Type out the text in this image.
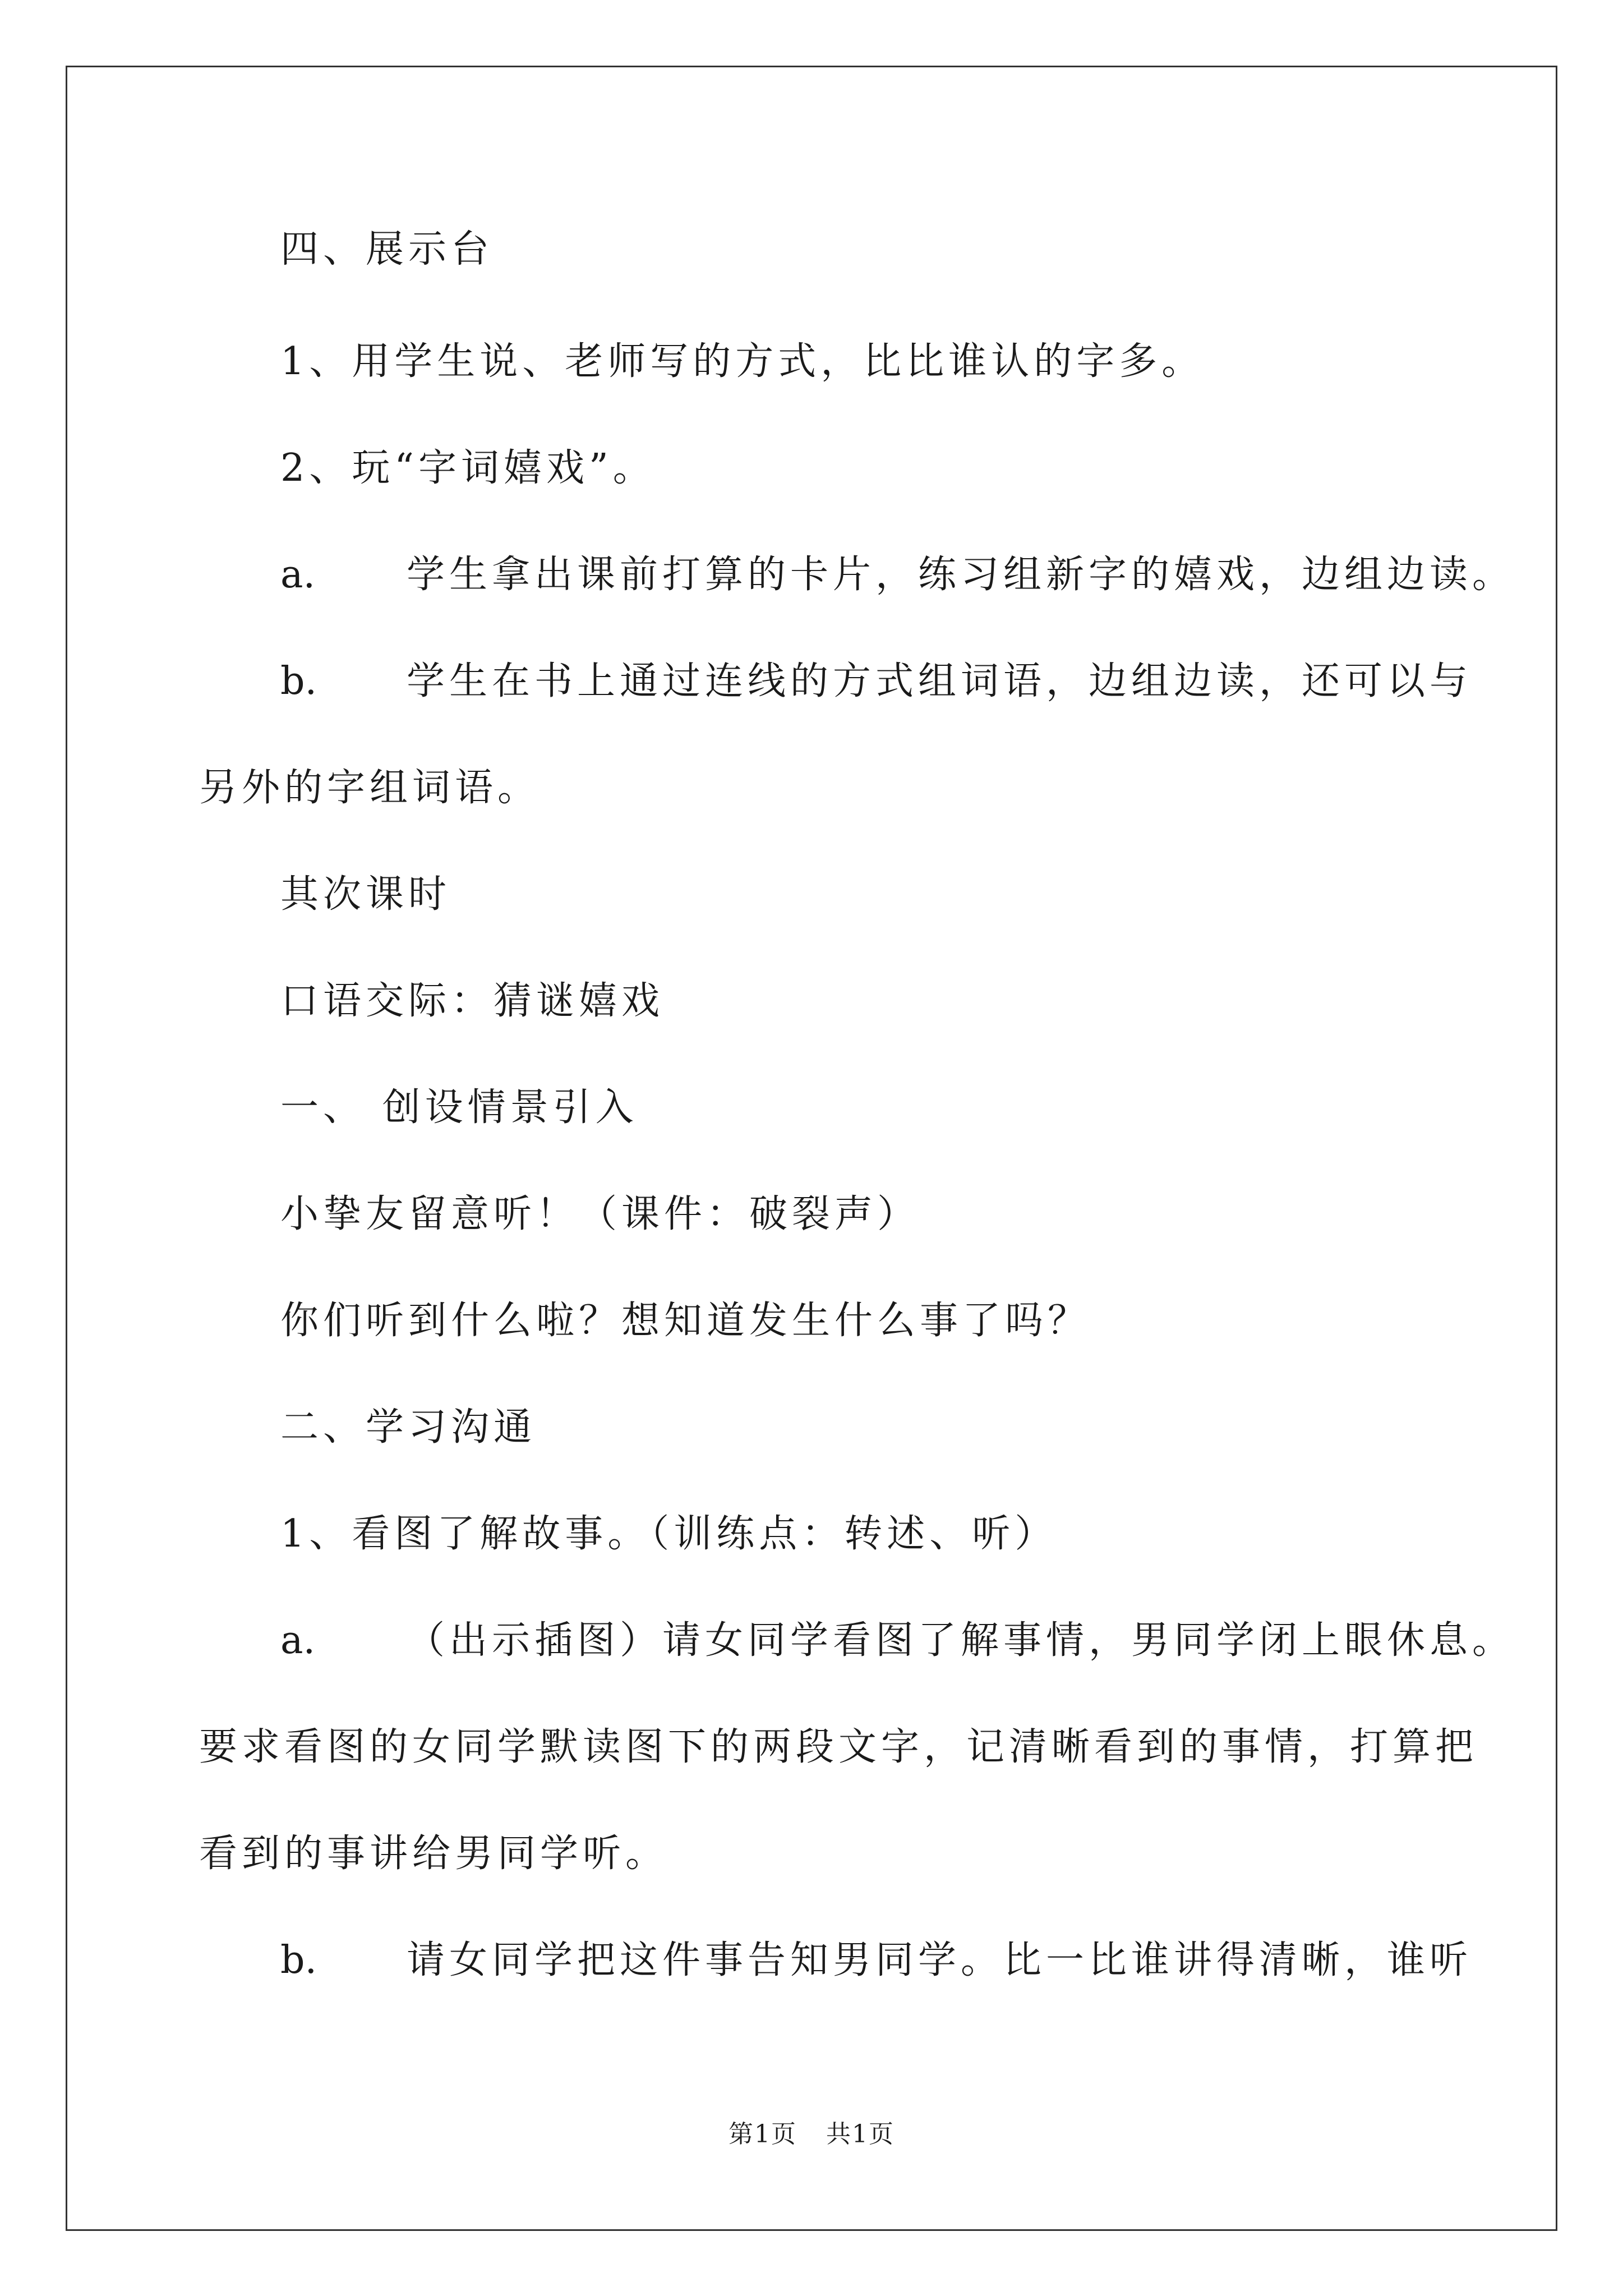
四、展示台
1、用学生说、老师写的方式，比比谁认的字多。
2、玩“字词嬉戏”。
a. 学生拿出课前打算的卡片，练习组新字的嬉戏，边组边读。
b. 学生在书上通过连线的方式组词语，边组边读，还可以与
另外的字组词语。
其次课时
口语交际：猜谜嬉戏
一、 创设情景引入
小挚友留意听！（课件：破裂声）
你们听到什么啦？想知道发生什么事了吗？
二、学习沟通
1、看图了解故事。（训练点：转述、听）
a. （出示插图）请女同学看图了解事情，男同学闭上眼休息。
要求看图的女同学默读图下的两段文字，记清晰看到的事情，打算把
看到的事讲给男同学听。
b. 请女同学把这件事告知男同学。比一比谁讲得清晰，谁听
第1页 共1页
